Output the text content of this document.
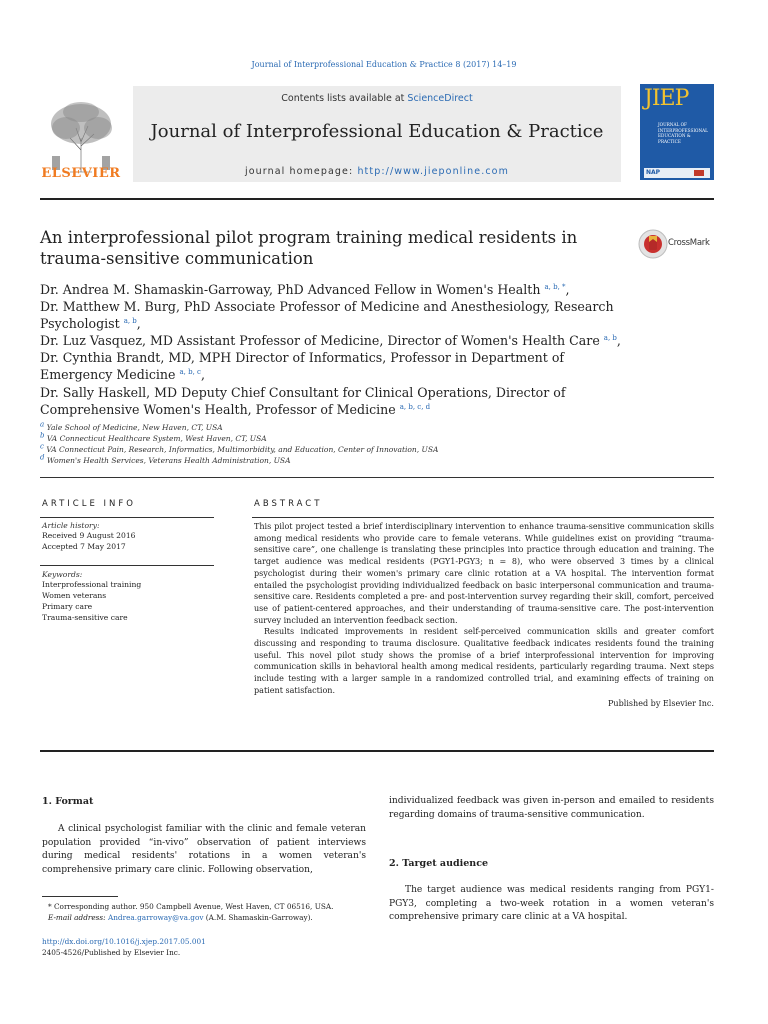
Journal of Interprofessional Education & Practice 8 (2017) 14–19
ELSEVIER
Contents lists available at ScienceDirect
Journal of Interprofessional Education & Practice
journal homepage: http://www.jieponline.com
JIEP
JOURNAL OF INTERPROFESSIONAL EDUCATION & PRACTICE
NAP
An interprofessional pilot program training medical residents in trauma-sensitive communication
CrossMark
Dr. Andrea M. Shamaskin-Garroway, PhD Advanced Fellow in Women's Health $^{a, b, *}$,
Dr. Matthew M. Burg, PhD Associate Professor of Medicine and Anesthesiology, Research Psychologist $^{a, b}$,
Dr. Luz Vasquez, MD Assistant Professor of Medicine, Director of Women's Health Care $^{a, b}$,
Dr. Cynthia Brandt, MD, MPH Director of Informatics, Professor in Department of Emergency Medicine $^{a, b, c}$,
Dr. Sally Haskell, MD Deputy Chief Consultant for Clinical Operations, Director of Comprehensive Women's Health, Professor of Medicine $^{a, b, c, d}$
$^a$ Yale School of Medicine, New Haven, CT, USA
$^b$ VA Connecticut Healthcare System, West Haven, CT, USA
$^c$ VA Connecticut Pain, Research, Informatics, Multimorbidity, and Education, Center of Innovation, USA
$^d$ Women's Health Services, Veterans Health Administration, USA
ARTICLE INFO
Article history:
Received 9 August 2016
Accepted 7 May 2017
Keywords:
Interprofessional training
Women veterans
Primary care
Trauma-sensitive care
ABSTRACT

This pilot project tested a brief interdisciplinary intervention to enhance trauma-sensitive communication skills among medical residents who provide care to female veterans. While guidelines exist on providing “trauma-sensitive care”, one challenge is translating these principles into practice through education and training. The target audience was medical residents (PGY1-PGY3; n = 8), who were observed 3 times by a clinical psychologist during their women's primary care clinic rotation at a VA hospital. The intervention format entailed the psychologist providing individualized feedback on basic interpersonal communication and trauma-sensitive care. Residents completed a pre- and post-intervention survey regarding their skill, comfort, perceived use of patient-centered approaches, and their understanding of trauma-sensitive care. The post-intervention survey included an intervention feedback section.

Results indicated improvements in resident self-perceived communication skills and greater comfort discussing and responding to trauma disclosure. Qualitative feedback indicates residents found the training useful. This novel pilot study shows the promise of a brief interprofessional intervention for improving communication skills in behavioral health among medical residents, particularly regarding trauma. Next steps include testing with a larger sample in a randomized controlled trial, and examining effects of training on patient satisfaction.

Published by Elsevier Inc.
1. Format

A clinical psychologist familiar with the clinic and female veteran population provided “in-vivo” observation of patient interviews during medical residents' rotations in a women veteran's comprehensive primary care clinic. Following observation,

individualized feedback was given in-person and emailed to residents regarding domains of trauma-sensitive communication.

2. Target audience

The target audience was medical residents ranging from PGY1-PGY3, completing a two-week rotation in a women veteran's comprehensive primary care clinic at a VA hospital.

* Corresponding author. 950 Campbell Avenue, West Haven, CT 06516, USA.
E-mail address: Andrea.garroway@va.gov (A.M. Shamaskin-Garroway).
http://dx.doi.org/10.1016/j.xjep.2017.05.001
2405-4526/Published by Elsevier Inc.
